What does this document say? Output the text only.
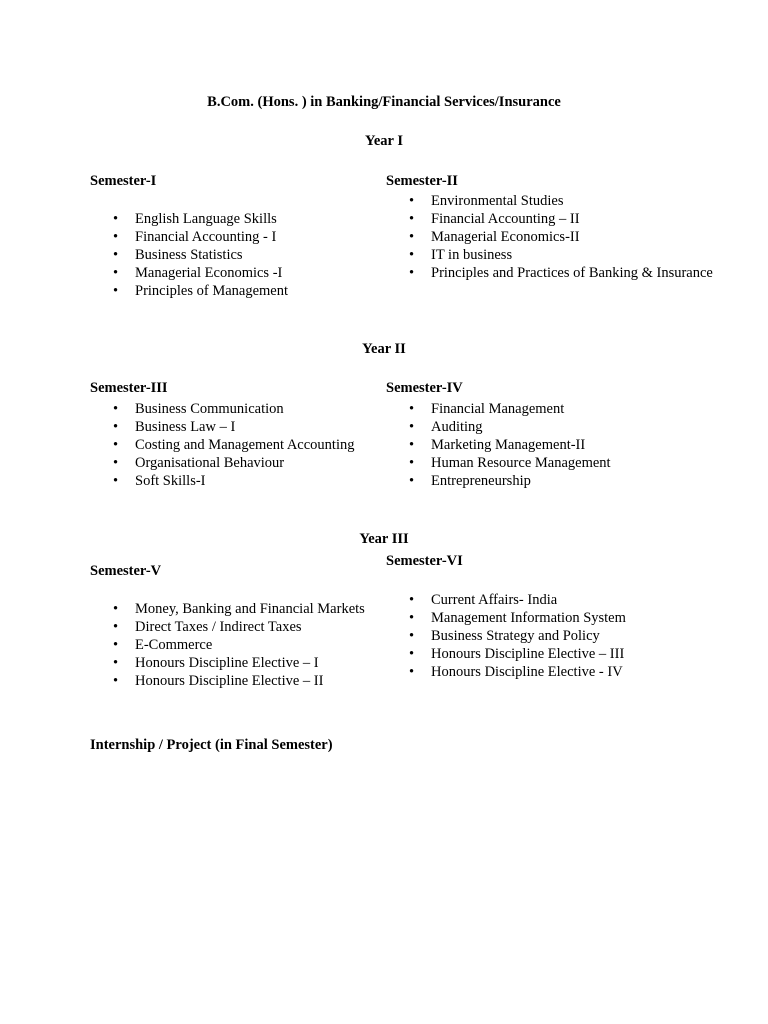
B.Com. (Hons. ) in Banking/Financial Services/Insurance
Year I
Semester-I	Semester-II
• English Language Skills
• Financial Accounting - I
• Business Statistics
• Managerial Economics -I
• Principles of Management
• Environmental Studies
• Financial Accounting – II
• Managerial Economics-II
• IT in business
• Principles and Practices of Banking & Insurance
Year II
Semester-III	Semester-IV
• Business Communication
• Business Law – I
• Costing and Management Accounting
• Organisational Behaviour
• Soft Skills-I
• Financial Management
• Auditing
• Marketing Management-II
• Human Resource Management
• Entrepreneurship
Year III
Semester-V
Semester-VI
• Money, Banking and Financial Markets
• Direct Taxes / Indirect Taxes
• E-Commerce
• Honours Discipline Elective – I
• Honours Discipline Elective – II
• Current Affairs- India
• Management Information System
• Business Strategy and Policy
• Honours Discipline Elective – III
• Honours Discipline Elective - IV
Internship / Project (in Final Semester)
